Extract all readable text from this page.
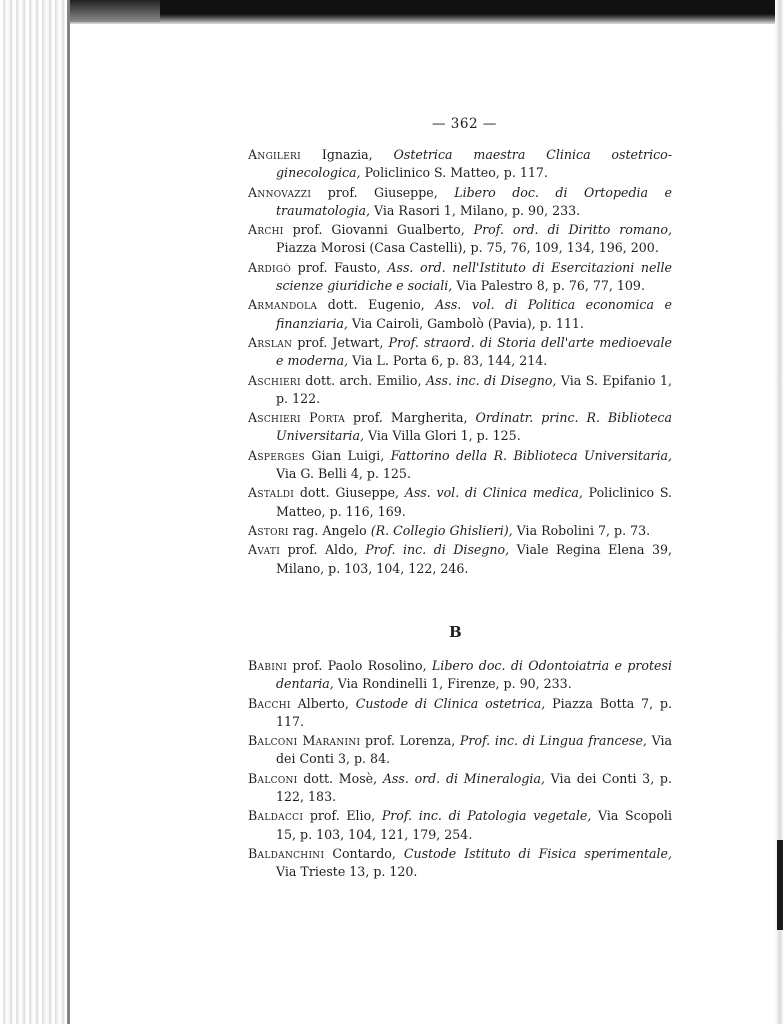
— 362 —

Angileri Ignazia, Ostetrica maestra Clinica ostetrico-ginecologica, Policlinico S. Matteo, p. 117.

Annovazzi prof. Giuseppe, Libero doc. di Ortopedia e traumatologia, Via Rasori 1, Milano, p. 90, 233.

Archi prof. Giovanni Gualberto, Prof. ord. di Diritto romano, Piazza Morosi (Casa Castelli), p. 75, 76, 109, 134, 196, 200.

Ardigò prof. Fausto, Ass. ord. nell'Istituto di Esercitazioni nelle scienze giuridiche e sociali, Via Palestro 8, p. 76, 77, 109.

Armandola dott. Eugenio, Ass. vol. di Politica economica e finanziaria, Via Cairoli, Gambolò (Pavia), p. 111.

Arslan prof. Jetwart, Prof. straord. di Storia dell'arte medioevale e moderna, Via L. Porta 6, p. 83, 144, 214.

Aschieri dott. arch. Emilio, Ass. inc. di Disegno, Via S. Epifanio 1, p. 122.

Aschieri Porta prof. Margherita, Ordinatr. princ. R. Biblioteca Universitaria, Via Villa Glori 1, p. 125.

Asperges Gian Luigi, Fattorino della R. Biblioteca Universitaria, Via G. Belli 4, p. 125.

Astaldi dott. Giuseppe, Ass. vol. di Clinica medica, Policlinico S. Matteo, p. 116, 169.

Astori rag. Angelo (R. Collegio Ghislieri), Via Robolini 7, p. 73.

Avati prof. Aldo, Prof. inc. di Disegno, Viale Regina Elena 39, Milano, p. 103, 104, 122, 246.

B

Babini prof. Paolo Rosolino, Libero doc. di Odontoiatria e protesi dentaria, Via Rondinelli 1, Firenze, p. 90, 233.

Bacchi Alberto, Custode di Clinica ostetrica, Piazza Botta 7, p. 117.

Balconi Maranini prof. Lorenza, Prof. inc. di Lingua francese, Via dei Conti 3, p. 84.

Balconi dott. Mosè, Ass. ord. di Mineralogia, Via dei Conti 3, p. 122, 183.

Baldacci prof. Elio, Prof. inc. di Patologia vegetale, Via Scopoli 15, p. 103, 104, 121, 179, 254.

Baldanchini Contardo, Custode Istituto di Fisica sperimentale, Via Trieste 13, p. 120.
